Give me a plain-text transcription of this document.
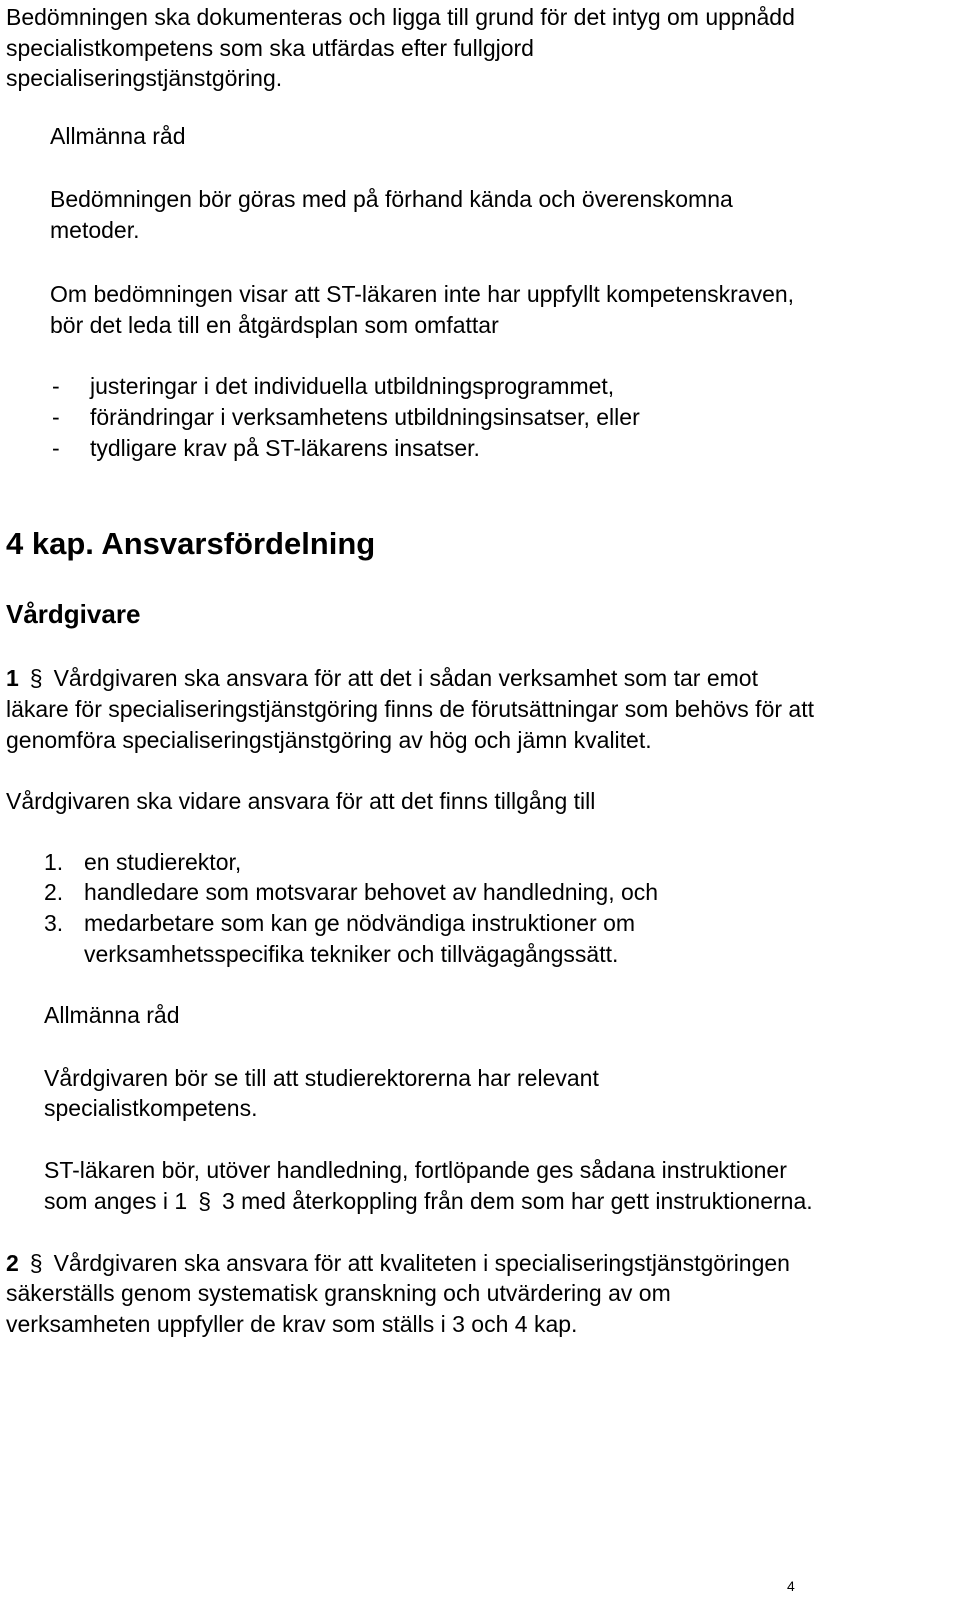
Bedömningen ska dokumenteras och ligga till grund för det intyg om uppnådd

specialistkompetens som ska utfärdas efter fullgjord

specialiseringstjänstgöring.

Allmänna råd

Bedömningen bör göras med på förhand kända och överenskomna

metoder.

Om bedömningen visar att ST-läkaren inte har uppfyllt kompetenskraven,

bör det leda till en åtgärdsplan som omfattar

- justeringar i det individuella utbildningsprogrammet,
- förändringar i verksamhetens utbildningsinsatser, eller
- tydligare krav på ST-läkarens insatser.
4 kap. Ansvarsfördelning
Vårdgivare

1 § Vårdgivaren ska ansvara för att det i sådan verksamhet som tar emot

läkare för specialiseringstjänstgöring finns de förutsättningar som behövs för att

genomföra specialiseringstjänstgöring av hög och jämn kvalitet.

Vårdgivaren ska vidare ansvara för att det finns tillgång till

1. en studierektor,
2. handledare som motsvarar behovet av handledning, och
3. medarbetare som kan ge nödvändiga instruktioner om
verksamhetsspecifika tekniker och tillvägagångssätt.

Allmänna råd

Vårdgivaren bör se till att studierektorerna har relevant

specialistkompetens.

ST-läkaren bör, utöver handledning, fortlöpande ges sådana instruktioner

som anges i 1 § 3 med återkoppling från dem som har gett instruktionerna.

2 § Vårdgivaren ska ansvara för att kvaliteten i specialiseringstjänstgöringen

säkerställs genom systematisk granskning och utvärdering av om

verksamheten uppfyller de krav som ställs i 3 och 4 kap.

4
